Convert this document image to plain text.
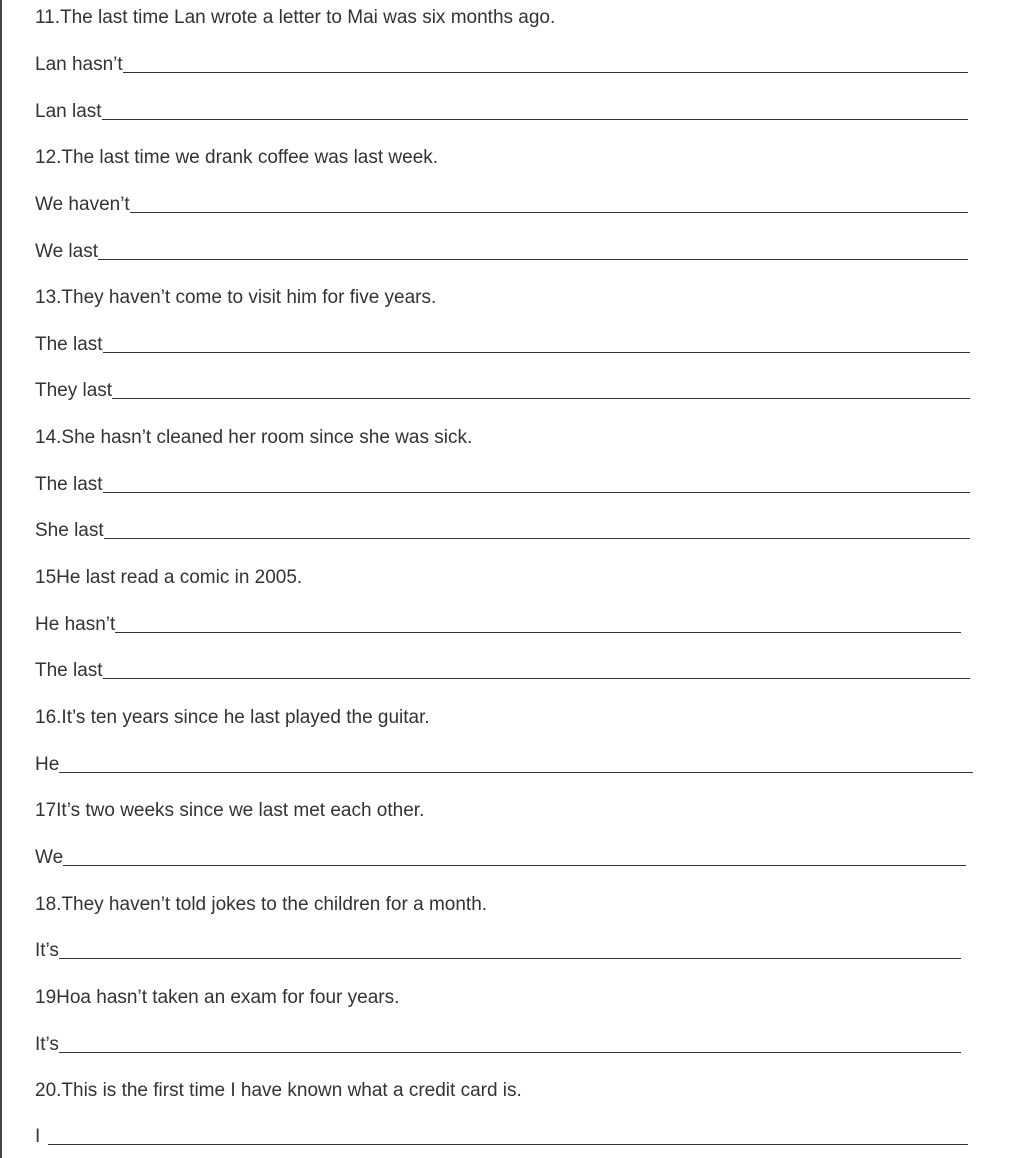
11.The last time Lan wrote a letter to Mai was six months ago.
Lan hasn’t
Lan last
12.The last time we drank coffee was last week.
We haven’t
We last
13.They haven’t come to visit him for five years.
The last
They last
14.She hasn’t cleaned her room since she was sick.
The last
She last
15He last read a comic in 2005.
He hasn’t
The last
16.It’s ten years since he last played the guitar.
He
17It’s two weeks since we last met each other.
We
18.They haven’t told jokes to the children for a month.
It’s
19Hoa hasn’t taken an exam for four years.
It’s
20.This is the first time I have known what a credit card is.
I
